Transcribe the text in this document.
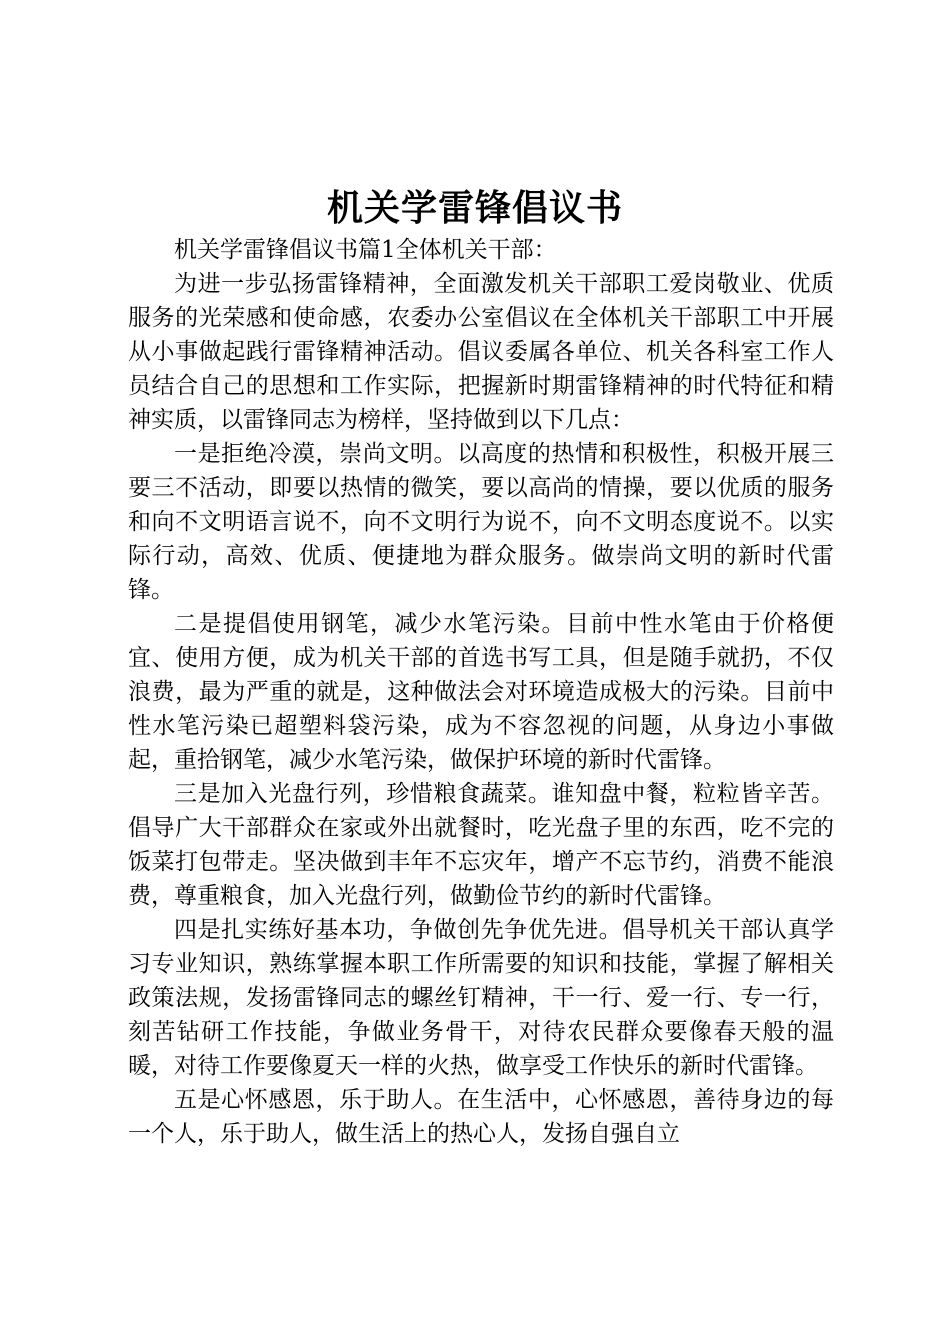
机关学雷锋倡议书

机关学雷锋倡议书篇1全体机关干部：

为进一步弘扬雷锋精神，全面激发机关干部职工爱岗敬业、优质服务的光荣感和使命感，农委办公室倡议在全体机关干部职工中开展从小事做起践行雷锋精神活动。倡议委属各单位、机关各科室工作人员结合自己的思想和工作实际，把握新时期雷锋精神的时代特征和精神实质，以雷锋同志为榜样，坚持做到以下几点：

一是拒绝冷漠，崇尚文明。以高度的热情和积极性，积极开展三要三不活动，即要以热情的微笑，要以高尚的情操，要以优质的服务和向不文明语言说不，向不文明行为说不，向不文明态度说不。以实际行动，高效、优质、便捷地为群众服务。做崇尚文明的新时代雷锋。

二是提倡使用钢笔，减少水笔污染。目前中性水笔由于价格便宜、使用方便，成为机关干部的首选书写工具，但是随手就扔，不仅浪费，最为严重的就是，这种做法会对环境造成极大的污染。目前中性水笔污染已超塑料袋污染，成为不容忽视的问题，从身边小事做起，重拾钢笔，减少水笔污染，做保护环境的新时代雷锋。

三是加入光盘行列，珍惜粮食蔬菜。谁知盘中餐，粒粒皆辛苦。倡导广大干部群众在家或外出就餐时，吃光盘子里的东西，吃不完的饭菜打包带走。坚决做到丰年不忘灾年，增产不忘节约，消费不能浪费，尊重粮食，加入光盘行列，做勤俭节约的新时代雷锋。

四是扎实练好基本功，争做创先争优先进。倡导机关干部认真学习专业知识，熟练掌握本职工作所需要的知识和技能，掌握了解相关政策法规，发扬雷锋同志的螺丝钉精神，干一行、爱一行、专一行，刻苦钻研工作技能，争做业务骨干，对待农民群众要像春天般的温暖，对待工作要像夏天一样的火热，做享受工作快乐的新时代雷锋。

五是心怀感恩，乐于助人。在生活中，心怀感恩，善待身边的每一个人，乐于助人，做生活上的热心人，发扬自强自立
